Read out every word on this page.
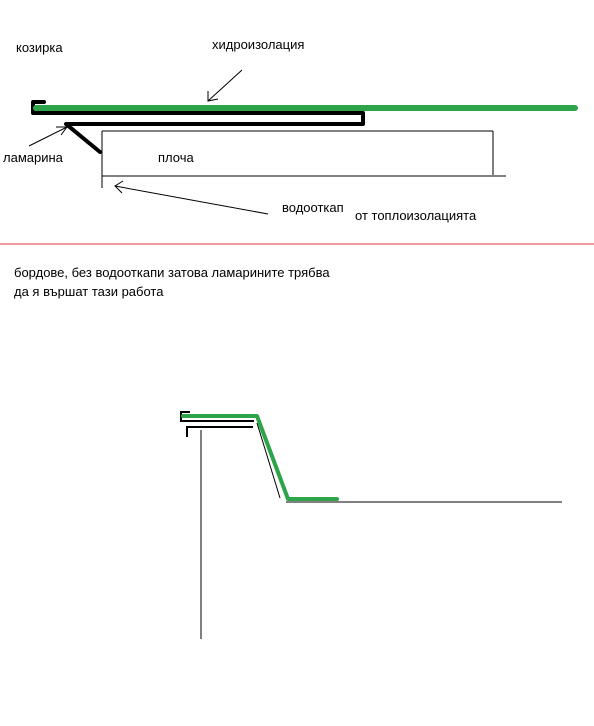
козирка	хидроизолация
ламарина	плоча
водооткап
от топлоизолацията
бордове, без водооткапи затова ламарините трябва да я вършат тази работа
